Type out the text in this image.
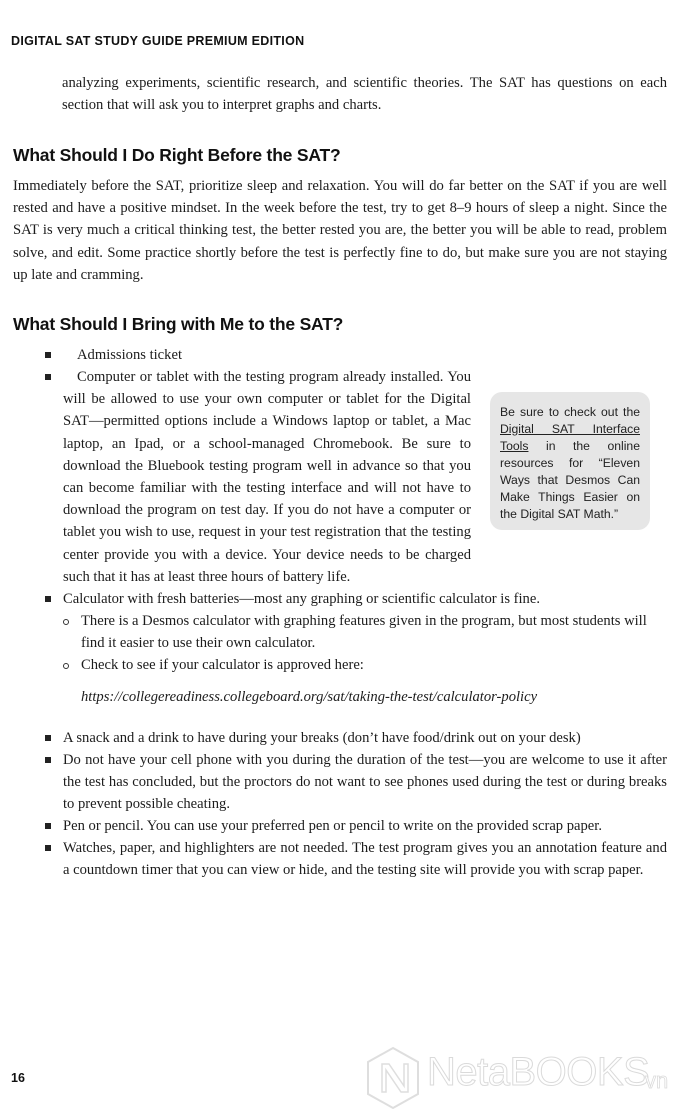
DIGITAL SAT STUDY GUIDE PREMIUM EDITION

analyzing experiments, scientific research, and scientific theories. The SAT has questions on each section that will ask you to interpret graphs and charts.

What Should I Do Right Before the SAT?

Immediately before the SAT, prioritize sleep and relaxation. You will do far better on the SAT if you are well rested and have a positive mindset. In the week before the test, try to get 8–9 hours of sleep a night. Since the SAT is very much a critical thinking test, the better rested you are, the better you will be able to read, problem solve, and edit. Some practice shortly before the test is perfectly fine to do, but make sure you are not staying up late and cramming.

What Should I Bring with Me to the SAT?

Admissions ticket

Computer or tablet with the testing program already installed. You will be allowed to use your own computer or tablet for the Digital SAT—permitted options include a Windows laptop or tablet, a Mac laptop, an Ipad, or a school-managed Chromebook. Be sure to download the Bluebook testing program well in advance so that you can become familiar with the testing interface and will not have to download the program on test day. If you do not have a computer or tablet you wish to use, request in your test registration that the testing center provide you with a device. Your device needs to be charged such that it has at least three hours of battery life.

Calculator with fresh batteries—most any graphing or scientific calculator is fine.

There is a Desmos calculator with graphing features given in the program, but most students will find it easier to use their own calculator.

Check to see if your calculator is approved here:

https://collegereadiness.collegeboard.org/sat/taking-the-test/calculator-policy

A snack and a drink to have during your breaks (don’t have food/drink out on your desk)

Do not have your cell phone with you during the duration of the test—you are welcome to use it after the test has concluded, but the proctors do not want to see phones used during the test or during breaks to prevent possible cheating.

Pen or pencil. You can use your preferred pen or pencil to write on the provided scrap paper.

Watches, paper, and highlighters are not needed. The test program gives you an annotation feature and a countdown timer that you can view or hide, and the testing site will provide you with scrap paper.

Be sure to check out the Digital SAT Interface Tools in the online resources for “Eleven Ways that Desmos Can Make Things Easier on the Digital SAT Math.”
16	NetaBOOKS
vn
